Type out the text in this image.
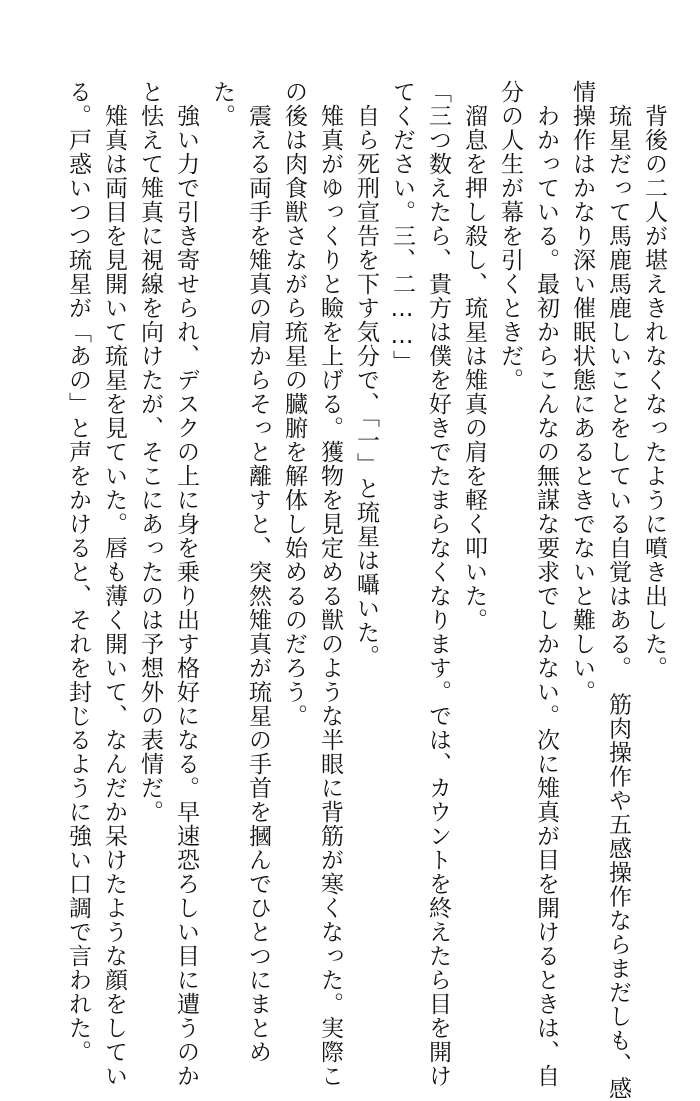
　背後の二人が堪えきれなくなったように噴き出した。
　琉星だって馬鹿馬鹿しいことをしている自覚はある。　筋肉操作や五感操作ならまだしも、感
情操作はかなり深い催眠状態にあるときでないと難しい。
　わかっている。最初からこんなの無謀な要求でしかない。次に雉真が目を開けるときは、自
分の人生が幕を引くときだ。
　溜息を押し殺し、琉星は雉真の肩を軽く叩いた。
「三つ数えたら、貴方は僕を好きでたまらなくなります。では、カウントを終えたら目を開け
てください。三、二……」
　自ら死刑宣告を下す気分で、「一」と琉星は囁いた。
　雉真がゆっくりと瞼を上げる。獲物を見定める獣のような半眼に背筋が寒くなった。実際こ
の後は肉食獣さながら琉星の臓腑を解体し始めるのだろう。
　震える両手を雉真の肩からそっと離すと、突然雉真が琉星の手首を摑んでひとつにまとめ
た。
　強い力で引き寄せられ、デスクの上に身を乗り出す格好になる。早速恐ろしい目に遭うのか
と怯えて雉真に視線を向けたが、そこにあったのは予想外の表情だ。
　雉真は両目を見開いて琉星を見ていた。唇も薄く開いて、なんだか呆けたような顔をしてい
る。戸惑いつつ琉星が「あの」と声をかけると、それを封じるように強い口調で言われた。
